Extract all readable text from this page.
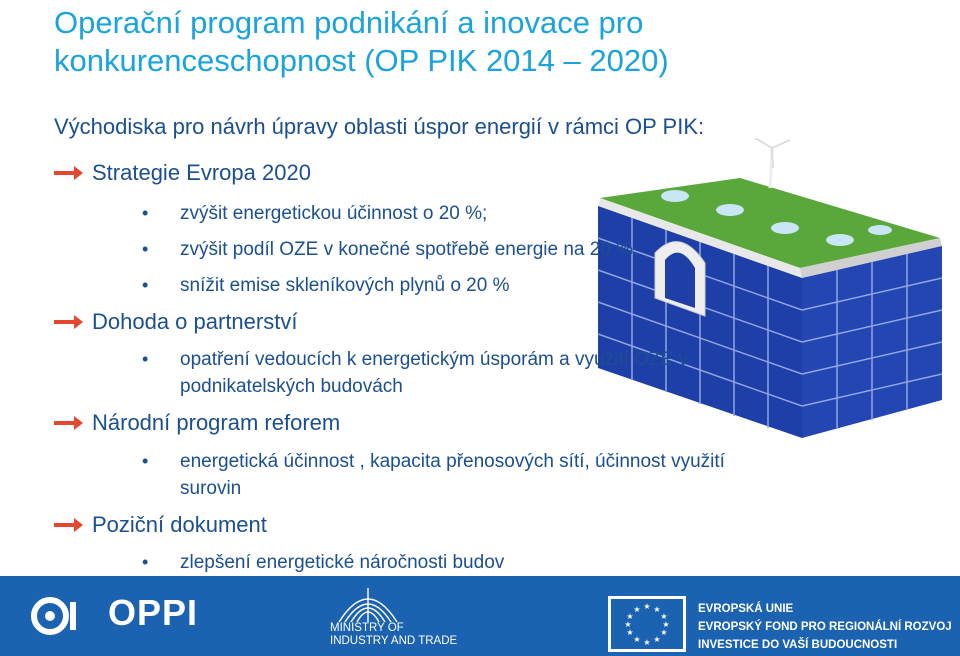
Operační program podnikání a inovace pro
konkurenceschopnost (OP PIK 2014 – 2020)
Východiska pro návrh úpravy oblasti úspor energií v rámci OP PIK:
Strategie Evropa 2020
• zvýšit energetickou účinnost o 20 %;
• zvýšit podíl OZE v konečné spotřebě energie na 20 %;
• snížit emise skleníkových plynů o 20 %
Dohoda o partnerství
• opatření vedoucích k energetickým úsporám a využití OZE v
podnikatelských budovách
Národní program reforem
• energetická účinnost , kapacita přenosových sítí, účinnost využití
surovin
Poziční dokument
• zlepšení energetické náročnosti budov
OPPI	MINISTRY OF
INDUSTRY AND TRADE
★ ★
★
★
★
★
★
★
★
★
★
★	EVROPSKÁ UNIE
EVROPSKÝ FOND PRO REGIONÁLNÍ ROZVOJ
INVESTICE DO VAŠÍ BUDOUCNOSTI
